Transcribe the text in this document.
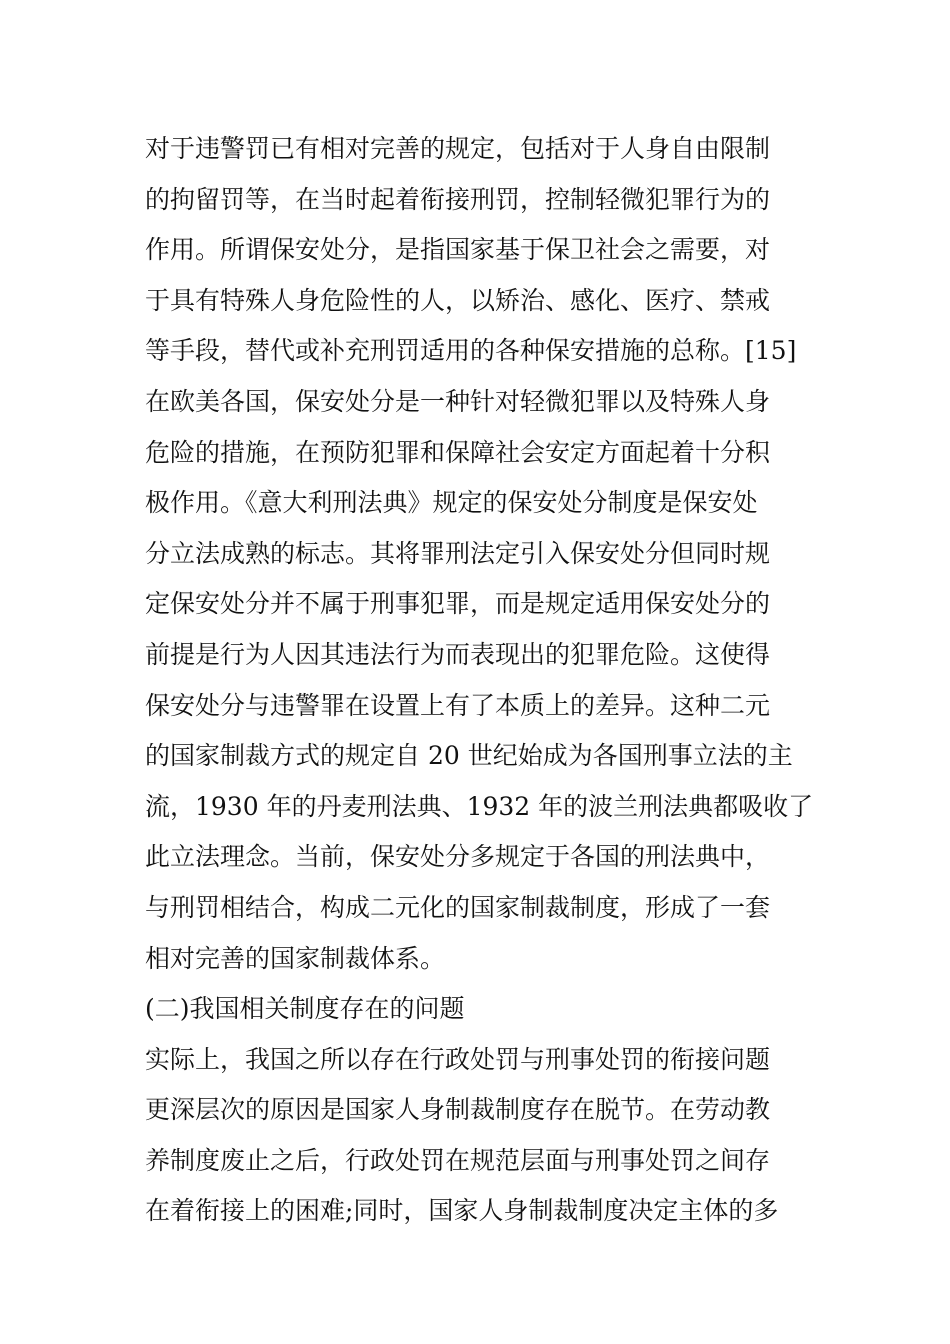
对于违警罚已有相对完善的规定，包括对于人身自由限制
的拘留罚等，在当时起着衔接刑罚，控制轻微犯罪行为的
作用。所谓保安处分，是指国家基于保卫社会之需要，对
于具有特殊人身危险性的人，以矫治、感化、医疗、禁戒
等手段，替代或补充刑罚适用的各种保安措施的总称。[15]
在欧美各国，保安处分是一种针对轻微犯罪以及特殊人身
危险的措施，在预防犯罪和保障社会安定方面起着十分积
极作用。《意大利刑法典》规定的保安处分制度是保安处
分立法成熟的标志。其将罪刑法定引入保安处分但同时规
定保安处分并不属于刑事犯罪，而是规定适用保安处分的
前提是行为人因其违法行为而表现出的犯罪危险。这使得
保安处分与违警罪在设置上有了本质上的差异。这种二元
的国家制裁方式的规定自 20 世纪始成为各国刑事立法的主
流，1930 年的丹麦刑法典、1932 年的波兰刑法典都吸收了
此立法理念。当前，保安处分多规定于各国的刑法典中，
与刑罚相结合，构成二元化的国家制裁制度，形成了一套
相对完善的国家制裁体系。
(二)我国相关制度存在的问题
实际上，我国之所以存在行政处罚与刑事处罚的衔接问题
更深层次的原因是国家人身制裁制度存在脱节。在劳动教
养制度废止之后，行政处罚在规范层面与刑事处罚之间存
在着衔接上的困难;同时，国家人身制裁制度决定主体的多
